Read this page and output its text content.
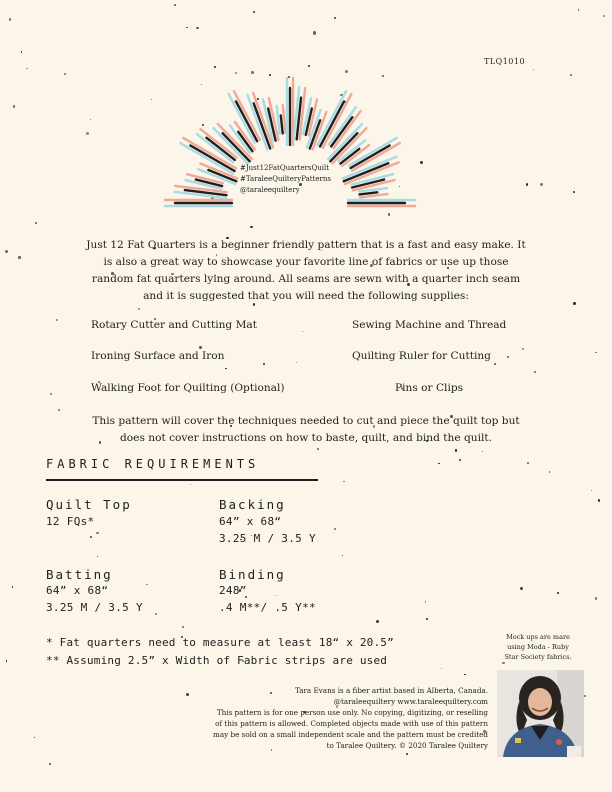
TLQ1010
#Just12FatQuartersQuilt
#TaraleeQuilteryPatterns
@taraleequiltery
Just 12 Fat Quarters is a beginner friendly pattern that is a fast and easy make. It
is also a great way to showcase your favorite line of fabrics or use up those
random fat quarters lying around. All seams are sewn with a quarter inch seam
and it is suggested that you will need the following supplies:
Rotary Cutter and Cutting Mat	Sewing Machine and Thread
Ironing Surface and Iron	Quilting Ruler for Cutting
Walking Foot for Quilting (Optional)	Pins or Clips
This pattern will cover the techniques needed to cut and piece the quilt top but
does not cover instructions on how to baste, quilt, and bind the quilt.
FABRIC REQUIREMENTS
Quilt Top
12 FQs*
Backing
64” x 68“
3.25 M / 3.5 Y
Batting
64” x 68“
3.25 M / 3.5 Y
Binding
248”
.4 M**/ .5 Y**
* Fat quarters need to measure at least 18“ x 20.5”
** Assuming 2.5” x Width of Fabric strips are used
Mock ups are mare
using Moda - Ruby
Star Society fabrics.
Tara Evans is a fiber artist based in Alberta, Canada.
@taraleequiltery www.taraleequiltery.com
This pattern is for one person use only. No copying, digitizing, or reselling
of this pattern is allowed. Completed objects made with use of this pattern
may be sold on a small independent scale and the pattern must be credited
to Taralee Quiltery. © 2020 Taralee Quiltery
